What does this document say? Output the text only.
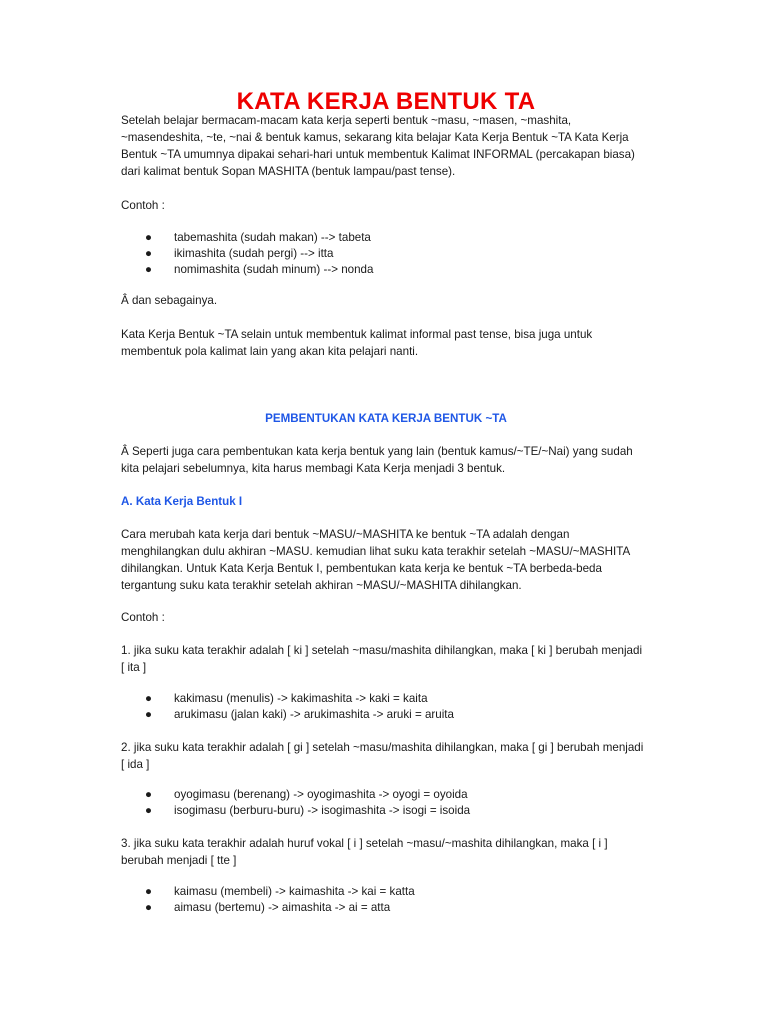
KATA KERJA BENTUK TA

Setelah belajar bermacam-macam kata kerja seperti bentuk ~masu, ~masen, ~mashita,
~masendeshita, ~te, ~nai & bentuk kamus, sekarang kita belajar Kata Kerja Bentuk ~TA Kata Kerja
Bentuk ~TA umumnya dipakai sehari-hari untuk membentuk Kalimat INFORMAL (percakapan biasa)
dari kalimat bentuk Sopan MASHITA (bentuk lampau/past tense).

Contoh :

● tabemashita (sudah makan) --> tabeta
● ikimashita (sudah pergi) --> itta
● nomimashita (sudah minum) --> nonda

Â dan sebagainya.

Kata Kerja Bentuk ~TA selain untuk membentuk kalimat informal past tense, bisa juga untuk
membentuk pola kalimat lain yang akan kita pelajari nanti.

PEMBENTUKAN KATA KERJA BENTUK ~TA

Â Seperti juga cara pembentukan kata kerja bentuk yang lain (bentuk kamus/~TE/~Nai) yang sudah
kita pelajari sebelumnya, kita harus membagi Kata Kerja menjadi 3 bentuk.

A. Kata Kerja Bentuk I

Cara merubah kata kerja dari bentuk ~MASU/~MASHITA ke bentuk ~TA adalah dengan
menghilangkan dulu akhiran ~MASU. kemudian lihat suku kata terakhir setelah ~MASU/~MASHITA
dihilangkan. Untuk Kata Kerja Bentuk I, pembentukan kata kerja ke bentuk ~TA berbeda-beda
tergantung suku kata terakhir setelah akhiran ~MASU/~MASHITA dihilangkan.

Contoh :

1. jika suku kata terakhir adalah [ ki ] setelah ~masu/mashita dihilangkan, maka [ ki ] berubah menjadi
[ ita ]

● kakimasu (menulis) -> kakimashita -> kaki = kaita
● arukimasu (jalan kaki) -> arukimashita -> aruki = aruita

2. jika suku kata terakhir adalah [ gi ] setelah ~masu/mashita dihilangkan, maka [ gi ] berubah menjadi
[ ida ]

● oyogimasu (berenang) -> oyogimashita -> oyogi = oyoida
● isogimasu (berburu-buru) -> isogimashita -> isogi = isoida

3. jika suku kata terakhir adalah huruf vokal [ i ] setelah ~masu/~mashita dihilangkan, maka [ i ]
berubah menjadi [ tte ]

● kaimasu (membeli) -> kaimashita -> kai = katta
● aimasu (bertemu) -> aimashita -> ai = atta
